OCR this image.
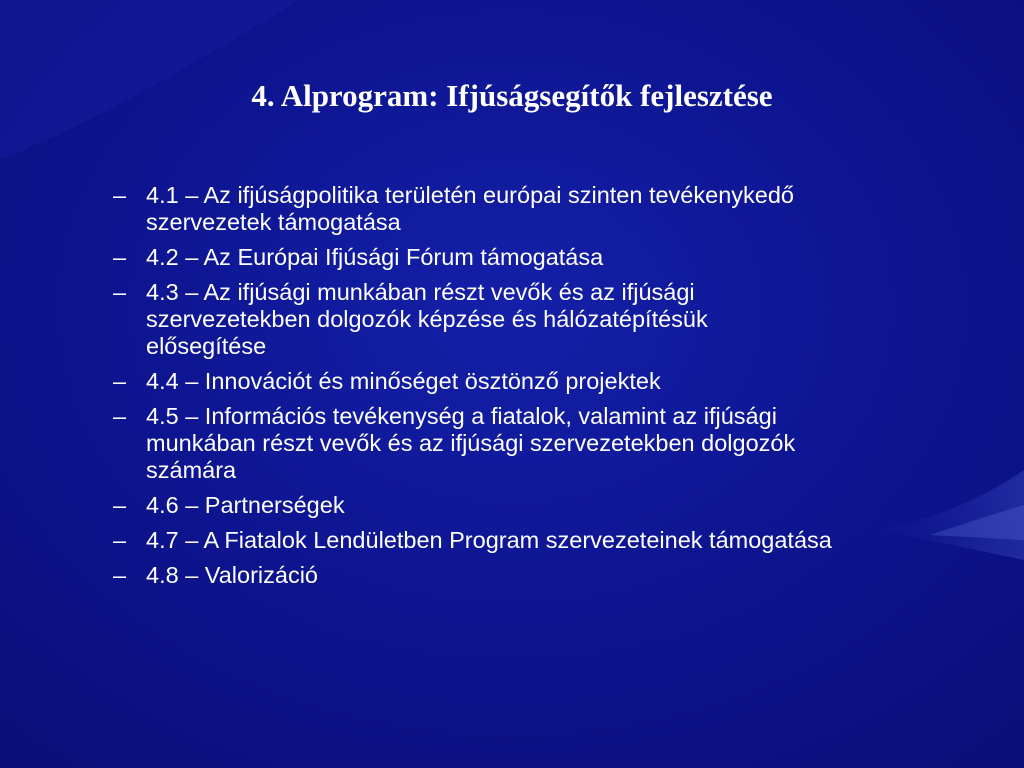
4. Alprogram: Ifjúságsegítők fejlesztése
– 4.1 – Az ifjúságpolitika területén európai szinten tevékenykedő szervezetek támogatása
– 4.2 – Az Európai Ifjúsági Fórum támogatása
– 4.3 – Az ifjúsági munkában részt vevők és az ifjúsági szervezetekben dolgozók képzése és hálózatépítésük elősegítése
– 4.4 – Innovációt és minőséget ösztönző projektek
– 4.5 – Információs tevékenység a fiatalok, valamint az ifjúsági munkában részt vevők és az ifjúsági szervezetekben dolgozók számára
– 4.6 – Partnerségek
– 4.7 – A Fiatalok Lendületben Program szervezeteinek támogatása
– 4.8 – Valorizáció
